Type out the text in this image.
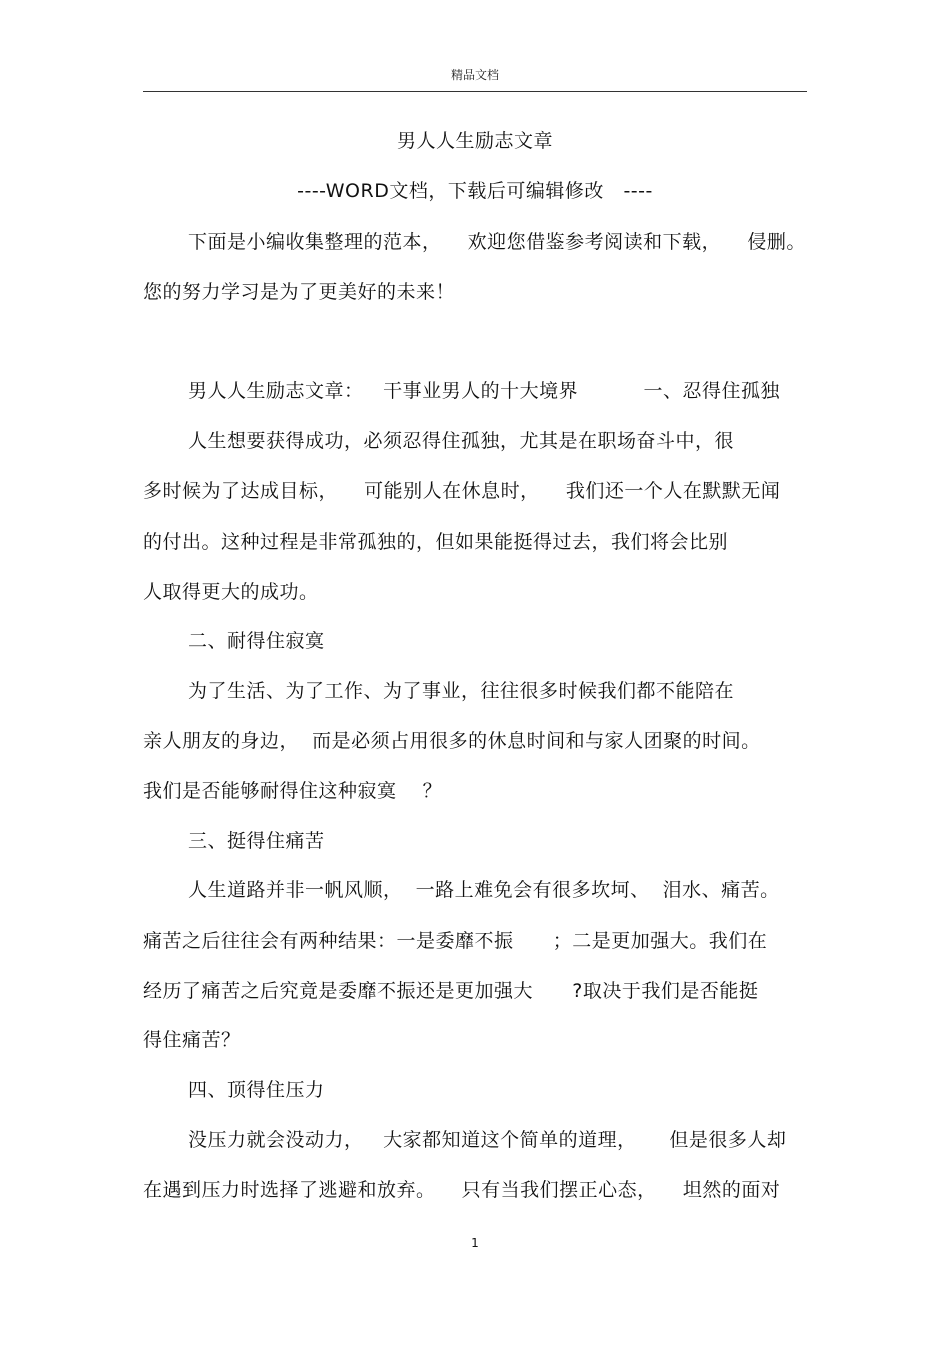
精品文档
男人人生励志文章
----WORD文档，下载后可编辑修改   ----
下面是小编收集整理的范本，    欢迎您借鉴参考阅读和下载，    侵删。
您的努力学习是为了更美好的未来！
男人人生励志文章：   干事业男人的十大境界          一、忍得住孤独
人生想要获得成功，必须忍得住孤独，尤其是在职场奋斗中，很
多时候为了达成目标，    可能别人在休息时，    我们还一个人在默默无闻
的付出。这种过程是非常孤独的，但如果能挺得过去，我们将会比别
人取得更大的成功。
二、耐得住寂寞
为了生活、为了工作、为了事业，往往很多时候我们都不能陪在
亲人朋友的身边，  而是必须占用很多的休息时间和与家人团聚的时间。
我们是否能够耐得住这种寂寞    ？
三、挺得住痛苦
人生道路并非一帆风顺，  一路上难免会有很多坎坷、  泪水、痛苦。
痛苦之后往往会有两种结果：一是委靡不振      ；二是更加强大。我们在
经历了痛苦之后究竟是委靡不振还是更加强大      ?取决于我们是否能挺
得住痛苦？
四、顶得住压力
没压力就会没动力，   大家都知道这个简单的道理，     但是很多人却
在遇到压力时选择了逃避和放弃。    只有当我们摆正心态，    坦然的面对
1
